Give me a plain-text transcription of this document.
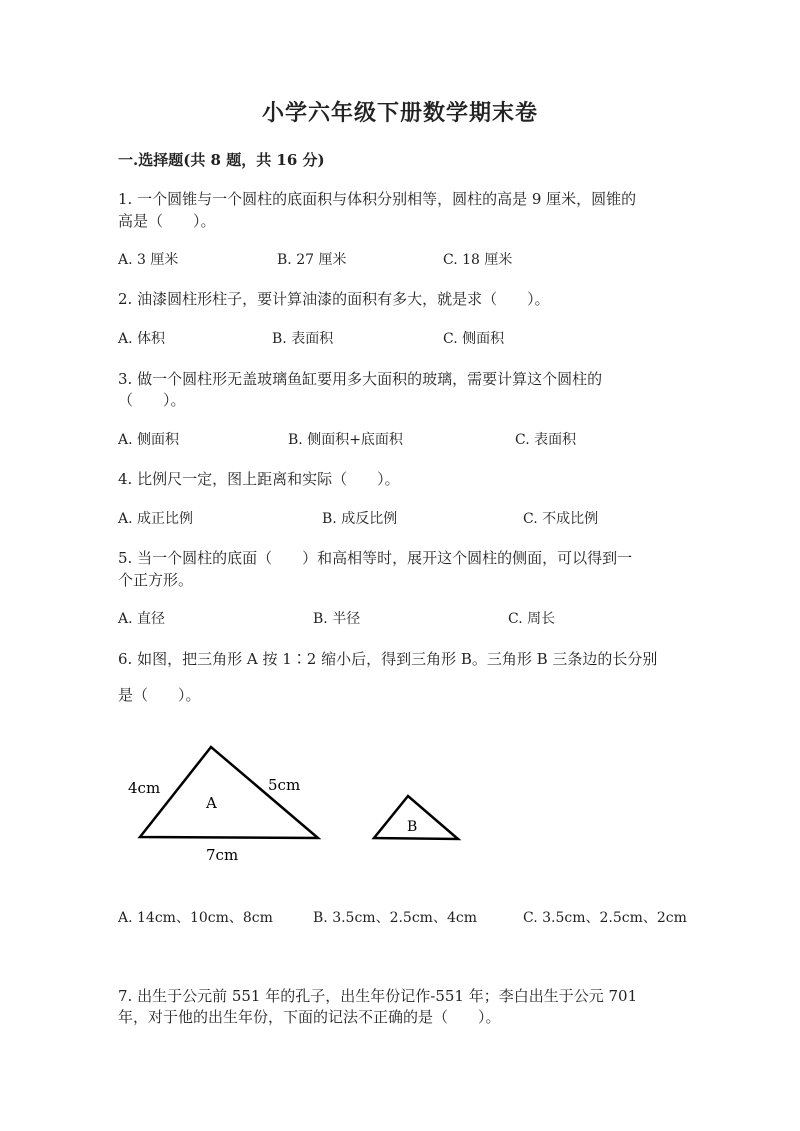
小学六年级下册数学期末卷
一.选择题(共 8 题，共 16 分)
1. 一个圆锥与一个圆柱的底面积与体积分别相等，圆柱的高是 9 厘米，圆锥的
高是（　　）。
A. 3 厘米	B. 27 厘米	C. 18 厘米
2. 油漆圆柱形柱子，要计算油漆的面积有多大，就是求（　　）。
A. 体积	B. 表面积	C. 侧面积
3. 做一个圆柱形无盖玻璃鱼缸要用多大面积的玻璃，需要计算这个圆柱的
（　　）。
A. 侧面积	B. 侧面积+底面积	C. 表面积
4. 比例尺一定，图上距离和实际（　　）。
A. 成正比例	B. 成反比例	C. 不成比例
5. 当一个圆柱的底面（　　）和高相等时，展开这个圆柱的侧面，可以得到一
个正方形。
A. 直径	B. 半径	C. 周长
6. 如图，把三角形 A 按 1∶2 缩小后，得到三角形 B。三角形 B 三条边的长分别
是（　　）。
4cm	5cm
7cm
A
B
A. 14cm、10cm、8cm	B. 3.5cm、2.5cm、4cm	C. 3.5cm、2.5cm、2cm
7. 出生于公元前 551 年的孔子，出生年份记作-551 年；李白出生于公元 701
年，对于他的出生年份，下面的记法不正确的是（　　）。
